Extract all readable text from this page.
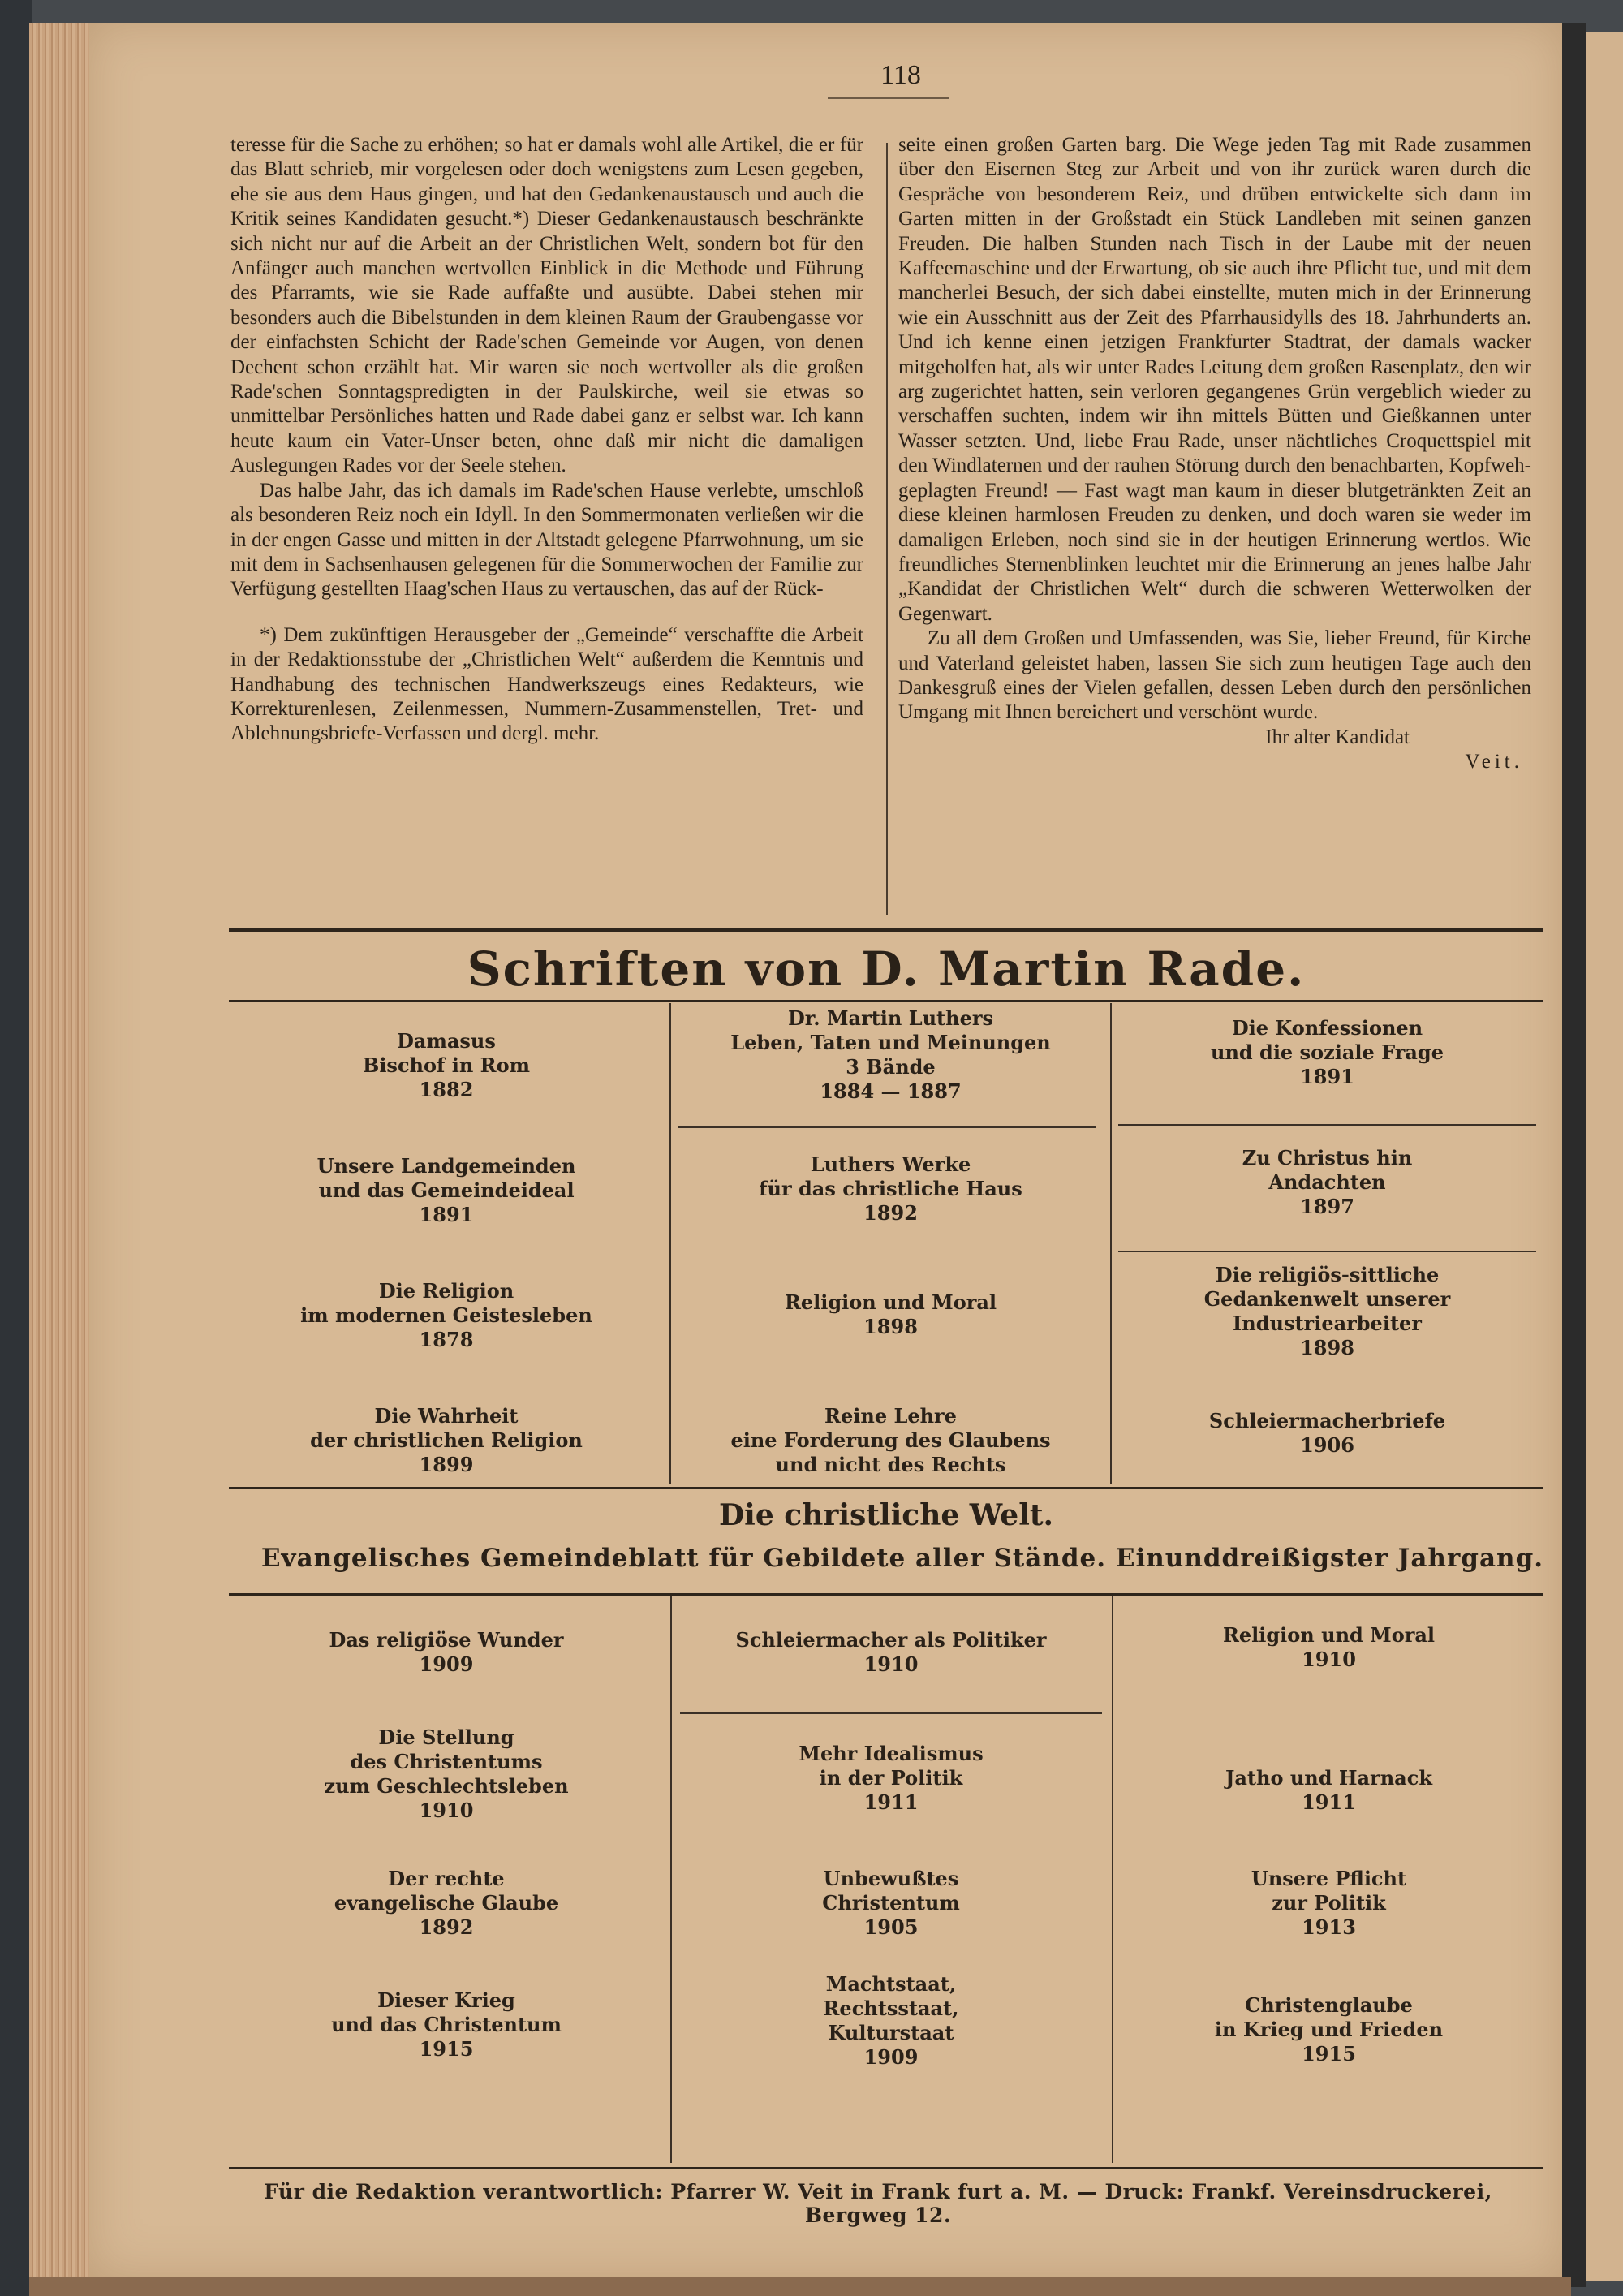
118

teresse für die Sache zu erhöhen; so hat er damals wohl alle Artikel, die er für das Blatt schrieb, mir vorgelesen oder doch wenigstens zum Lesen gegeben, ehe sie aus dem Haus gingen, und hat den Gedankenaustausch und auch die Kritik seines Kandidaten gesucht.*) Dieser Gedankenaustausch beschränkte sich nicht nur auf die Arbeit an der Christlichen Welt, sondern bot für den Anfänger auch manchen wertvollen Einblick in die Methode und Führung des Pfarramts, wie sie Rade auffaßte und ausübte. Dabei stehen mir besonders auch die Bibelstunden in dem kleinen Raum der Graubengasse vor der einfachsten Schicht der Rade'schen Gemeinde vor Augen, von denen Dechent schon erzählt hat. Mir waren sie noch wertvoller als die großen Rade'schen Sonntagspredigten in der Paulskirche, weil sie etwas so unmittelbar Persönliches hatten und Rade dabei ganz er selbst war. Ich kann heute kaum ein Vater-Unser beten, ohne daß mir nicht die damaligen Auslegungen Rades vor der Seele stehen.

Das halbe Jahr, das ich damals im Rade'schen Hause verlebte, umschloß als besonderen Reiz noch ein Idyll. In den Sommermonaten verließen wir die in der engen Gasse und mitten in der Altstadt gelegene Pfarrwohnung, um sie mit dem in Sachsenhausen gelegenen für die Sommerwochen der Familie zur Verfügung gestellten Haag'schen Haus zu vertauschen, das auf der Rück-

*) Dem zukünftigen Herausgeber der „Gemeinde“ verschaffte die Arbeit in der Redaktionsstube der „Christlichen Welt“ außerdem die Kenntnis und Handhabung des technischen Handwerkszeugs eines Redakteurs, wie Korrekturenlesen, Zeilenmessen, Nummern-Zusammenstellen, Tret- und Ablehnungsbriefe-Verfassen und dergl. mehr.

seite einen großen Garten barg. Die Wege jeden Tag mit Rade zusammen über den Eisernen Steg zur Arbeit und von ihr zurück waren durch die Gespräche von besonderem Reiz, und drüben entwickelte sich dann im Garten mitten in der Großstadt ein Stück Landleben mit seinen ganzen Freuden. Die halben Stunden nach Tisch in der Laube mit der neuen Kaffeemaschine und der Erwartung, ob sie auch ihre Pflicht tue, und mit dem mancherlei Besuch, der sich dabei einstellte, muten mich in der Erinnerung wie ein Ausschnitt aus der Zeit des Pfarrhausidylls des 18. Jahrhunderts an. Und ich kenne einen jetzigen Frankfurter Stadtrat, der damals wacker mitgeholfen hat, als wir unter Rades Leitung dem großen Rasenplatz, den wir arg zugerichtet hatten, sein verloren gegangenes Grün vergeblich wieder zu verschaffen suchten, indem wir ihn mittels Bütten und Gießkannen unter Wasser setzten. Und, liebe Frau Rade, unser nächtliches Croquettspiel mit den Windlaternen und der rauhen Störung durch den benachbarten, Kopfweh-geplagten Freund! — Fast wagt man kaum in dieser blutgetränkten Zeit an diese kleinen harmlosen Freuden zu denken, und doch waren sie weder im damaligen Erleben, noch sind sie in der heutigen Erinnerung wertlos. Wie freundliches Sternenblinken leuchtet mir die Erinnerung an jenes halbe Jahr „Kandidat der Christlichen Welt“ durch die schweren Wetterwolken der Gegenwart.

Zu all dem Großen und Umfassenden, was Sie, lieber Freund, für Kirche und Vaterland geleistet haben, lassen Sie sich zum heutigen Tage auch den Dankesgruß eines der Vielen gefallen, dessen Leben durch den persönlichen Umgang mit Ihnen bereichert und verschönt wurde.

Ihr alter Kandidat

Veit.

Schriften von D. Martin Rade.
Damasus
Bischof in Rom
1882
Unsere Landgemeinden
und das Gemeindeideal
1891
Die Religion
im modernen Geistesleben
1878
Die Wahrheit
der christlichen Religion
1899
Dr. Martin Luthers
Leben, Taten und Meinungen
3 Bände
1884 — 1887
Luthers Werke
für das christliche Haus
1892
Religion und Moral
1898
Reine Lehre
eine Forderung des Glaubens
und nicht des Rechts
Die Konfessionen
und die soziale Frage
1891
Zu Christus hin
Andachten
1897
Die religiös-sittliche
Gedankenwelt unserer
Industriearbeiter
1898
Schleiermacherbriefe
1906
Die christliche Welt.
Evangelisches Gemeindeblatt für Gebildete aller Stände. Einunddreißigster Jahrgang.
Das religiöse Wunder
1909
Die Stellung
des Christentums
zum Geschlechtsleben
1910
Der rechte
evangelische Glaube
1892
Dieser Krieg
und das Christentum
1915
Schleiermacher als Politiker
1910
Mehr Idealismus
in der Politik
1911
Unbewußtes
Christentum
1905
Machtstaat,
Rechtsstaat,
Kulturstaat
1909
Religion und Moral
1910
Jatho und Harnack
1911
Unsere Pflicht
zur Politik
1913
Christenglaube
in Krieg und Frieden
1915
Für die Redaktion verantwortlich: Pfarrer W. Veit in Frank furt a. M. — Druck: Frankf. Vereinsdruckerei, Bergweg 12.
